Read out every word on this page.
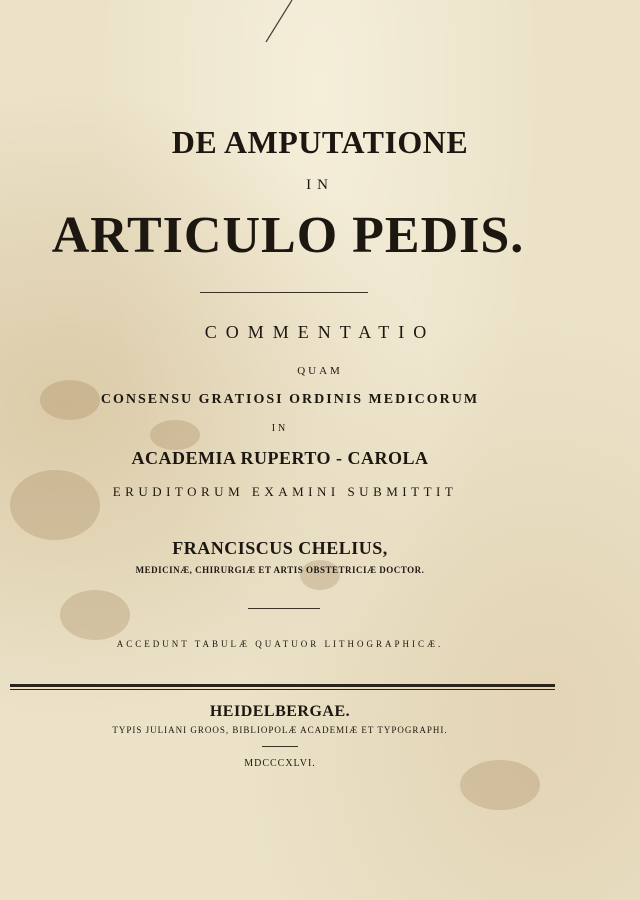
DE AMPUTATIONE
IN
ARTICULO PEDIS.
COMMENTATIO
QUAM
CONSENSU GRATIOSI ORDINIS MEDICORUM
IN
ACADEMIA RUPERTO - CAROLA
ERUDITORUM EXAMINI SUBMITTIT
FRANCISCUS CHELIUS,
MEDICINÆ, CHIRURGIÆ ET ARTIS OBSTETRICIÆ DOCTOR.
ACCEDUNT TABULÆ QUATUOR LITHOGRAPHICÆ.
HEIDELBERGAE.
TYPIS JULIANI GROOS, BIBLIOPOLÆ ACADEMIÆ ET TYPOGRAPHI.
MDCCCXLVI.
